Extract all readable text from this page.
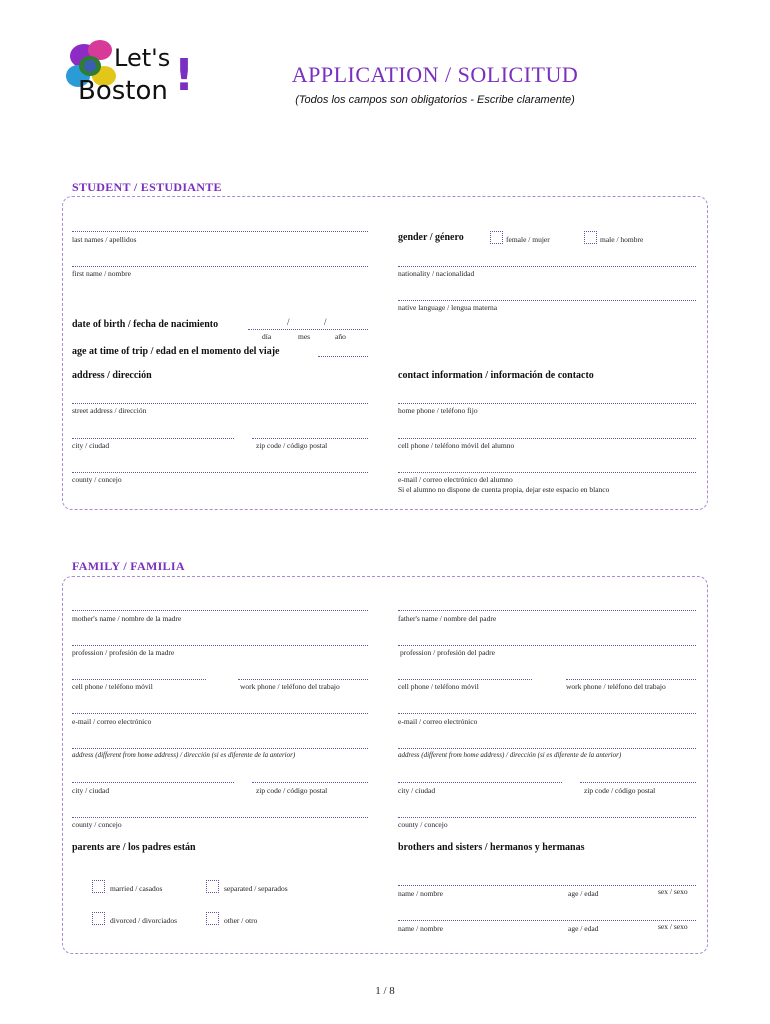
Let's
Boston !	APPLICATION / SOLICITUD
(Todos los campos son obligatorios - Escribe claramente)
STUDENT / ESTUDIANTE
last names / apellidos
first name / nombre
gender / género	female / mujer	male / hombre
nationality / nacionalidad
native language / lengua materna
date of birth / fecha de nacimiento	/	/
día	mes	año
age at time of trip / edad en el momento del viaje
address / dirección	contact information / información de contacto
street address / dirección	home phone / teléfono fijo
city / ciudad	zip code / código postal	cell phone / teléfono móvil del alumno
county / concejo	e-mail / correo electrónico del alumno
Si el alumno no dispone de cuenta propia, dejar este espacio en blanco
FAMILY / FAMILIA
mother's name / nombre de la madre	father's name / nombre del padre
profession / profesión de la madre	profession / profesión del padre
cell phone / teléfono móvil	work phone / teléfono del trabajo	cell phone / teléfono móvil	work phone / teléfono del trabajo
e-mail / correo electrónico	e-mail / correo electrónico
address (different from home address) / dirección (si es diferente de la anterior)	address (different from home address) / dirección (si es diferente de la anterior)
city / ciudad	zip code / código postal	city / ciudad	zip code / código postal
county / concejo	county / concejo
parents are / los padres están	brothers and sisters / hermanos y hermanas
married / casados	separated / separados
divorced / divorciados	other / otro
name / nombre	age / edad	sex / sexo
name / nombre	age / edad	sex / sexo
1 / 8
